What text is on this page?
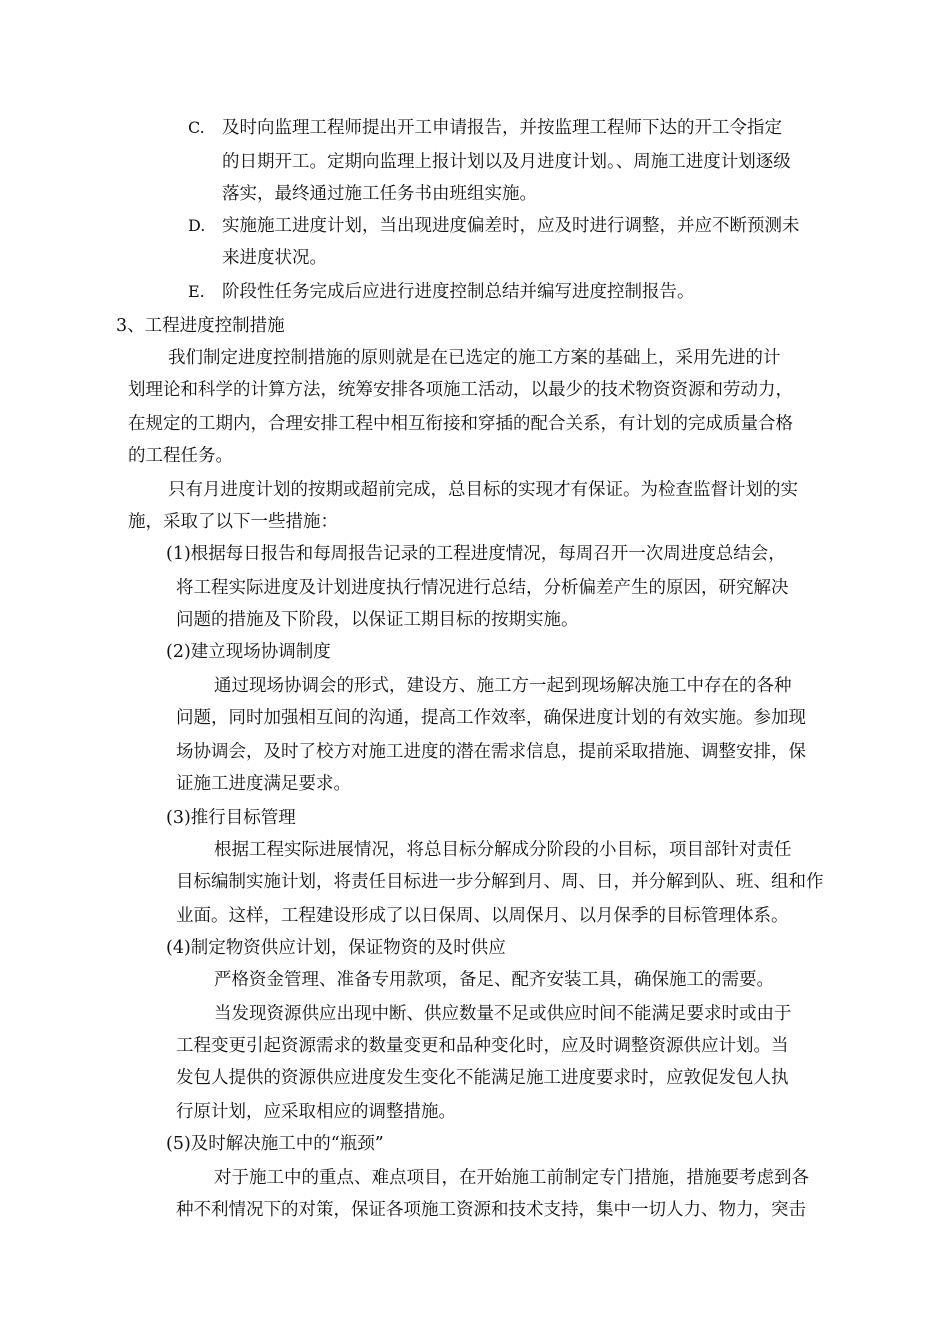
C. 及时向监理工程师提出开工申请报告，并按监理工程师下达的开工令指定
的日期开工。定期向监理上报计划以及月进度计划。、周施工进度计划逐级
落实，最终通过施工任务书由班组实施。
D. 实施施工进度计划，当出现进度偏差时，应及时进行调整，并应不断预测未
来进度状况。
E. 阶段性任务完成后应进行进度控制总结并编写进度控制报告。
3、工程进度控制措施
我们制定进度控制措施的原则就是在已选定的施工方案的基础上，采用先进的计
划理论和科学的计算方法，统筹安排各项施工活动，以最少的技术物资资源和劳动力，
在规定的工期内，合理安排工程中相互衔接和穿插的配合关系，有计划的完成质量合格
的工程任务。
只有月进度计划的按期或超前完成，总目标的实现才有保证。为检查监督计划的实
施，采取了以下一些措施：
(1)根据每日报告和每周报告记录的工程进度情况，每周召开一次周进度总结会，
将工程实际进度及计划进度执行情况进行总结，分析偏差产生的原因，研究解决
问题的措施及下阶段，以保证工期目标的按期实施。
(2)建立现场协调制度
通过现场协调会的形式，建设方、施工方一起到现场解决施工中存在的各种
问题，同时加强相互间的沟通，提高工作效率，确保进度计划的有效实施。参加现
场协调会，及时了校方对施工进度的潜在需求信息，提前采取措施、调整安排，保
证施工进度满足要求。
(3)推行目标管理
根据工程实际进展情况，将总目标分解成分阶段的小目标，项目部针对责任
目标编制实施计划，将责任目标进一步分解到月、周、日，并分解到队、班、组和作
业面。这样，工程建设形成了以日保周、以周保月、以月保季的目标管理体系。
(4)制定物资供应计划，保证物资的及时供应
严格资金管理、准备专用款项，备足、配齐安装工具，确保施工的需要。
当发现资源供应出现中断、供应数量不足或供应时间不能满足要求时或由于
工程变更引起资源需求的数量变更和品种变化时，应及时调整资源供应计划。当
发包人提供的资源供应进度发生变化不能满足施工进度要求时，应敦促发包人执
行原计划，应采取相应的调整措施。
(5)及时解决施工中的“瓶颈”
对于施工中的重点、难点项目，在开始施工前制定专门措施，措施要考虑到各
种不利情况下的对策，保证各项施工资源和技术支持，集中一切人力、物力，突击
